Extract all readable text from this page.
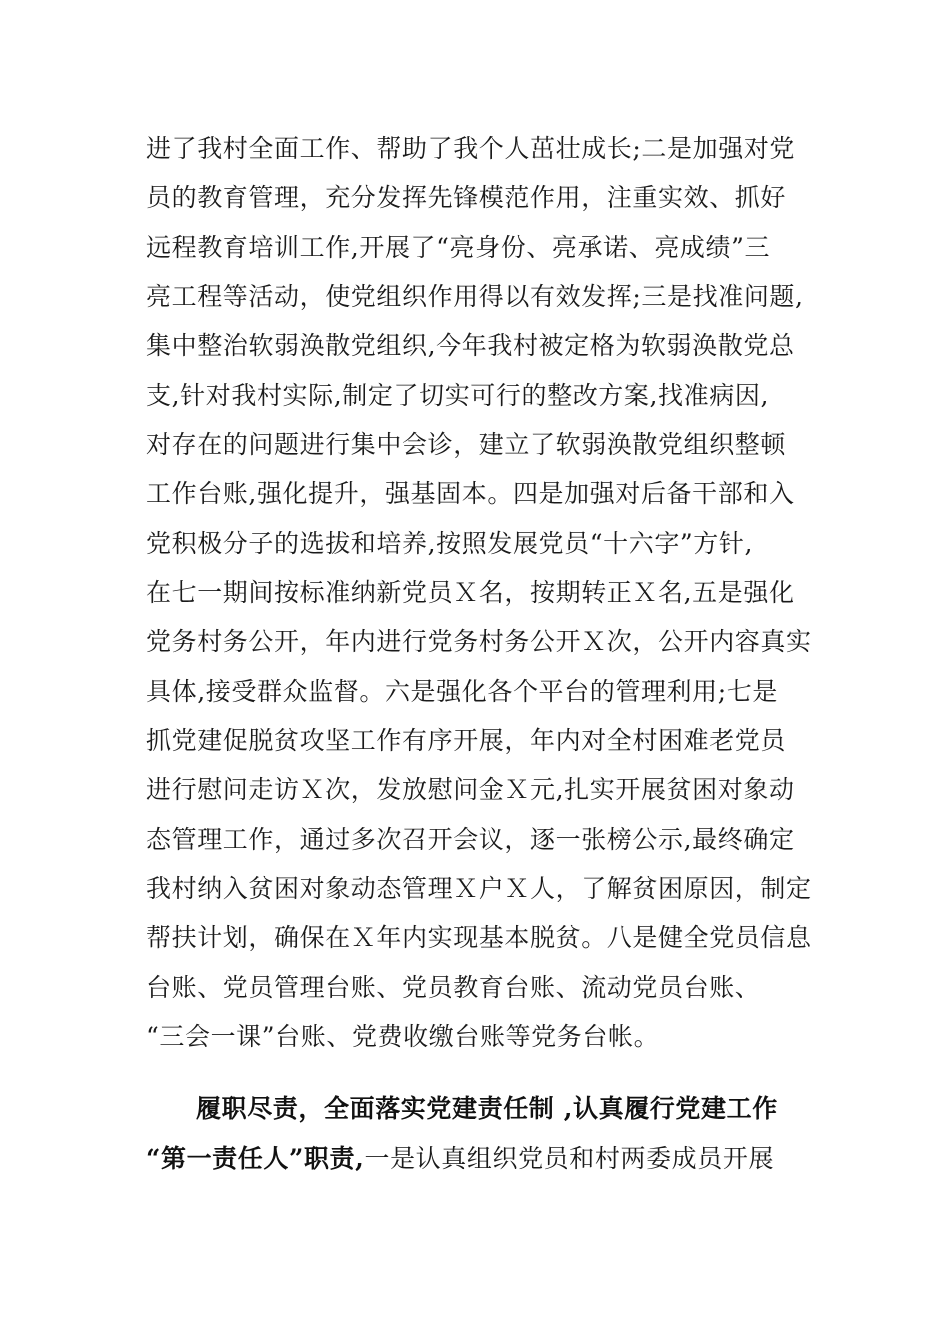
进了我村全面工作、帮助了我个人茁壮成长;二是加强对党

员的教育管理，充分发挥先锋模范作用，注重实效、抓好

远程教育培训工作,开展了“亮身份、亮承诺、亮成绩”三

亮工程等活动，使党组织作用得以有效发挥;三是找准问题,

集中整治软弱涣散党组织,今年我村被定格为软弱涣散党总

支,针对我村实际,制定了切实可行的整改方案,找准病因,

对存在的问题进行集中会诊，建立了软弱涣散党组织整顿

工作台账,强化提升，强基固本。四是加强对后备干部和入

党积极分子的选拔和培养,按照发展党员“十六字”方针,

在七一期间按标准纳新党员Ｘ名，按期转正Ｘ名,五是强化

党务村务公开，年内进行党务村务公开Ｘ次，公开内容真实

具体,接受群众监督。六是强化各个平台的管理利用;七是

抓党建促脱贫攻坚工作有序开展，年内对全村困难老党员

进行慰问走访Ｘ次，发放慰问金Ｘ元,扎实开展贫困对象动

态管理工作，通过多次召开会议，逐一张榜公示,最终确定

我村纳入贫困对象动态管理Ｘ户Ｘ人，了解贫困原因，制定

帮扶计划，确保在Ｘ年内实现基本脱贫。八是健全党员信息

台账、党员管理台账、党员教育台账、流动党员台账、

“三会一课”台账、党费收缴台账等党务台帐。

履职尽责，全面落实党建责任制 ,认真履行党建工作

“第一责任人”职责,一是认真组织党员和村两委成员开展
